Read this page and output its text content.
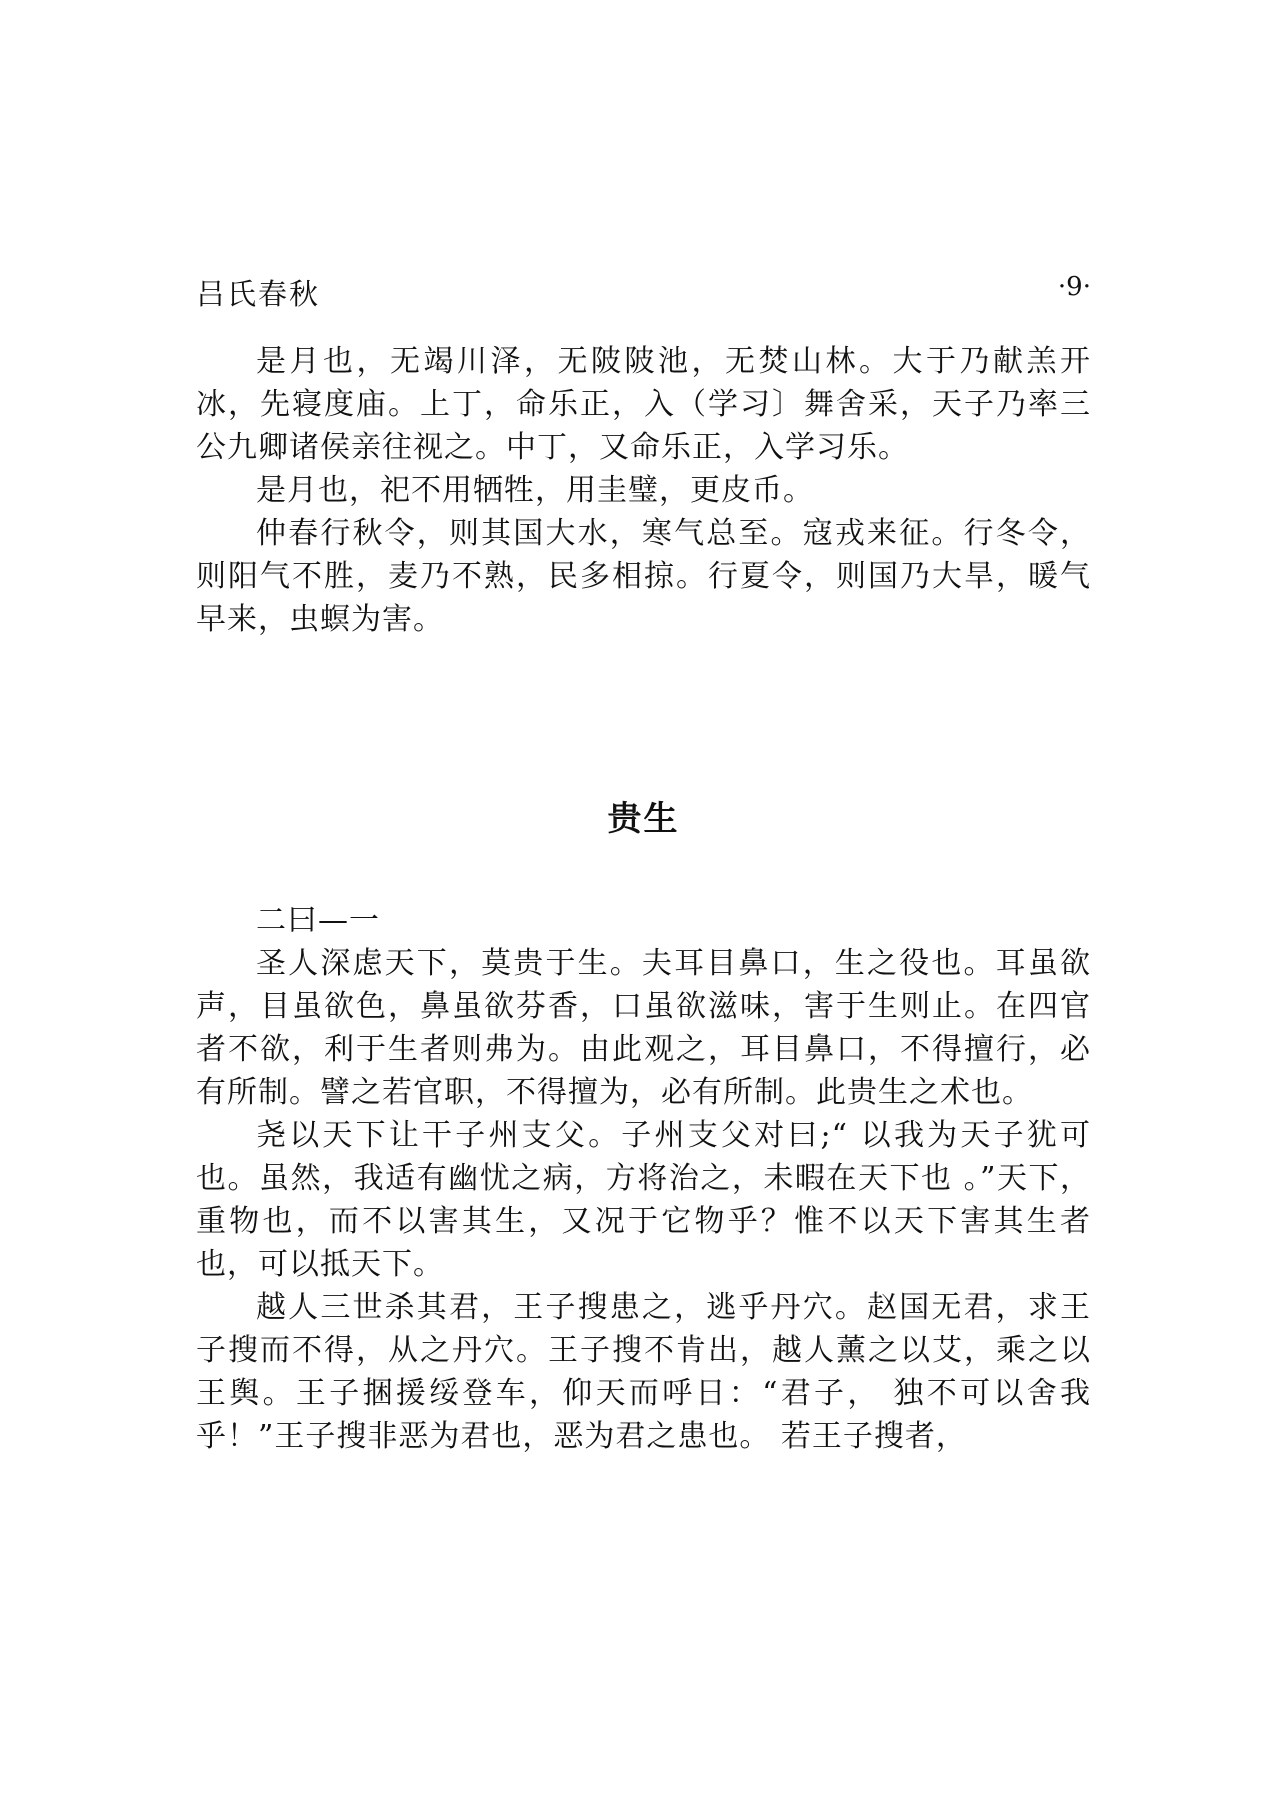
吕氏春秋	·9·

是月也，无竭川泽，无陂陂池，无焚山林。大于乃献羔开冰，先寝度庙。上丁，命乐正，入（学习〕舞舍采，天子乃率三公九卿诸侯亲往视之。中丁，又命乐正，入学习乐。

是月也，祀不用牺牲，用圭璧，更皮币。

仲春行秋令，则其国大水，寒气总至。寇戎来征。行冬令，则阳气不胜，麦乃不熟，民多相掠。行夏令，则国乃大旱，暖气早来，虫螟为害。

贵生

二曰—一

圣人深虑天下，莫贵于生。夫耳目鼻口，生之役也。耳虽欲声，目虽欲色，鼻虽欲芬香，口虽欲滋味，害于生则止。在四官者不欲，利于生者则弗为。由此观之，耳目鼻口，不得擅行，必有所制。譬之若官职，不得擅为，必有所制。此贵生之术也。

尧以天下让干子州支父。子州支父对曰;“ 以我为天子犹可也。虽然，我适有幽忧之病，方将治之，未暇在天下也 。”天下，重物也，而不以害其生，又况于它物乎？惟不以天下害其生者也，可以抵天下。

越人三世杀其君，王子搜患之，逃乎丹穴。赵国无君，求王子搜而不得，从之丹穴。王子搜不肯出，越人薰之以艾，乘之以王舆。王子捆援绥登车，仰天而呼日：“君子， 独不可以舍我乎！”王子搜非恶为君也，恶为君之患也。 若王子搜者，
